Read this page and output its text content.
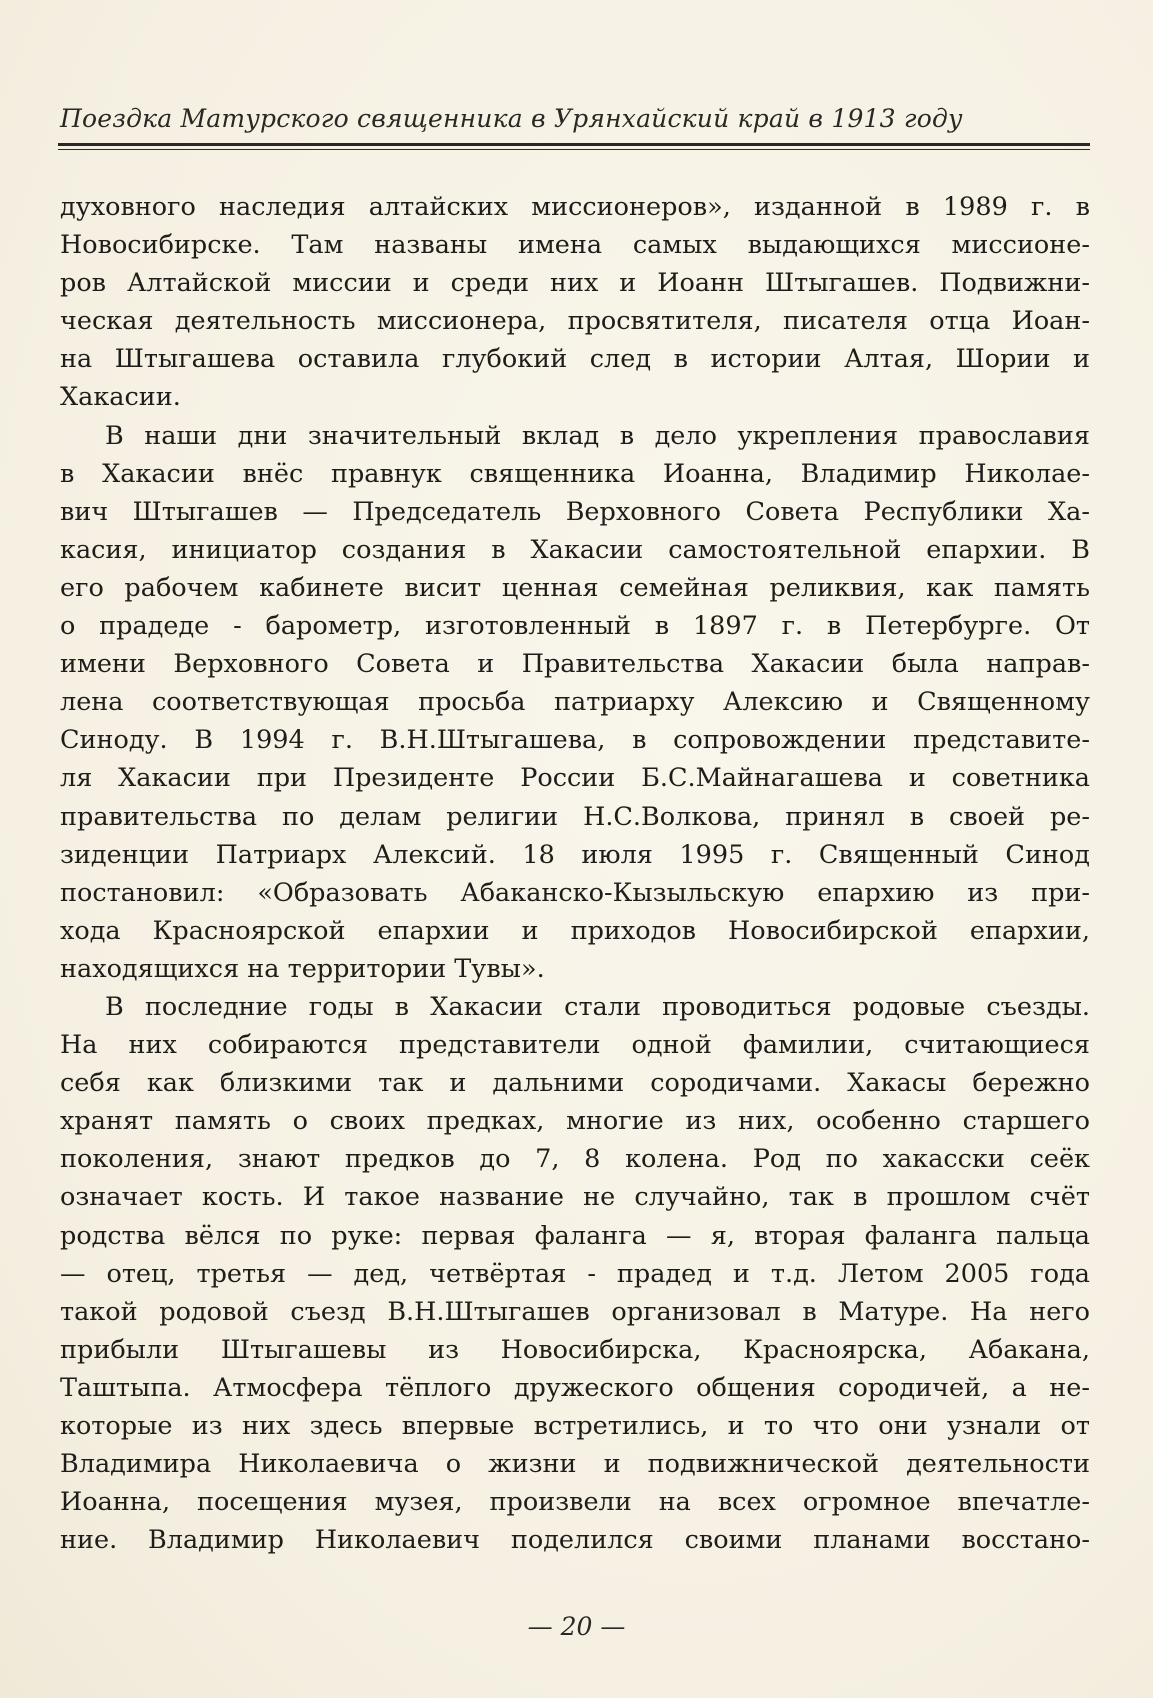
Поездка Матурского священника в Урянхайский край в 1913 году
духовного наследия алтайских миссионеров», изданной в 1989 г. в
Новосибирске. Там названы имена самых выдающихся миссионе-
ров Алтайской миссии и среди них и Иоанн Штыгашев. Подвижни-
ческая деятельность миссионера, просвятителя, писателя отца Иоан-
на Штыгашева оставила глубокий след в истории Алтая, Шории и
Хакасии.
В наши дни значительный вклад в дело укрепления православия
в Хакасии внёс правнук священника Иоанна, Владимир Николае-
вич Штыгашев — Председатель Верховного Совета Республики Ха-
касия, инициатор создания в Хакасии самостоятельной епархии. В
его рабочем кабинете висит ценная семейная реликвия, как память
о прадеде - барометр, изготовленный в 1897 г. в Петербурге. От
имени Верховного Совета и Правительства Хакасии была направ-
лена соответствующая просьба патриарху Алексию и Священному
Синоду. В 1994 г. В.Н.Штыгашева, в сопровождении представите-
ля Хакасии при Президенте России Б.С.Майнагашева и советника
правительства по делам религии Н.С.Волкова, принял в своей ре-
зиденции Патриарх Алексий. 18 июля 1995 г. Священный Синод
постановил: «Образовать Абаканско-Кызыльскую епархию из при-
хода Красноярской епархии и приходов Новосибирской епархии,
находящихся на территории Тувы».
В последние годы в Хакасии стали проводиться родовые съезды.
На них собираются представители одной фамилии, считающиеся
себя как близкими так и дальними сородичами. Хакасы бережно
хранят память о своих предках, многие из них, особенно старшего
поколения, знают предков до 7, 8 колена. Род по хакасски сеёк
означает кость. И такое название не случайно, так в прошлом счёт
родства вёлся по руке: первая фаланга — я, вторая фаланга пальца
— отец, третья — дед, четвёртая - прадед и т.д. Летом 2005 года
такой родовой съезд В.Н.Штыгашев организовал в Матуре. На него
прибыли Штыгашевы из Новосибирска, Красноярска, Абакана,
Таштыпа. Атмосфера тёплого дружеского общения сородичей, а не-
которые из них здесь впервые встретились, и то что они узнали от
Владимира Николаевича о жизни и подвижнической деятельности
Иоанна, посещения музея, произвели на всех огромное впечатле-
ние. Владимир Николаевич поделился своими планами восстано-
— 20 —
